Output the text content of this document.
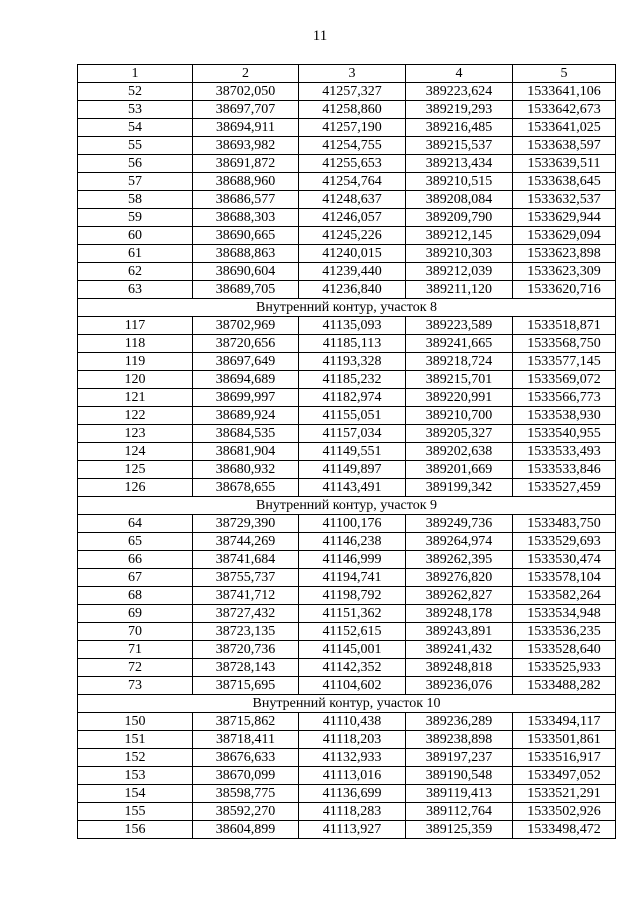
11
1	2	3	4	5
52	38702,050	41257,327	389223,624	1533641,106
53	38697,707	41258,860	389219,293	1533642,673
54	38694,911	41257,190	389216,485	1533641,025
55	38693,982	41254,755	389215,537	1533638,597
56	38691,872	41255,653	389213,434	1533639,511
57	38688,960	41254,764	389210,515	1533638,645
58	38686,577	41248,637	389208,084	1533632,537
59	38688,303	41246,057	389209,790	1533629,944
60	38690,665	41245,226	389212,145	1533629,094
61	38688,863	41240,015	389210,303	1533623,898
62	38690,604	41239,440	389212,039	1533623,309
63	38689,705	41236,840	389211,120	1533620,716
Внутренний контур, участок 8				
117	38702,969	41135,093	389223,589	1533518,871
118	38720,656	41185,113	389241,665	1533568,750
119	38697,649	41193,328	389218,724	1533577,145
120	38694,689	41185,232	389215,701	1533569,072
121	38699,997	41182,974	389220,991	1533566,773
122	38689,924	41155,051	389210,700	1533538,930
123	38684,535	41157,034	389205,327	1533540,955
124	38681,904	41149,551	389202,638	1533533,493
125	38680,932	41149,897	389201,669	1533533,846
126	38678,655	41143,491	389199,342	1533527,459
Внутренний контур, участок 9				
64	38729,390	41100,176	389249,736	1533483,750
65	38744,269	41146,238	389264,974	1533529,693
66	38741,684	41146,999	389262,395	1533530,474
67	38755,737	41194,741	389276,820	1533578,104
68	38741,712	41198,792	389262,827	1533582,264
69	38727,432	41151,362	389248,178	1533534,948
70	38723,135	41152,615	389243,891	1533536,235
71	38720,736	41145,001	389241,432	1533528,640
72	38728,143	41142,352	389248,818	1533525,933
73	38715,695	41104,602	389236,076	1533488,282
Внутренний контур, участок 10				
150	38715,862	41110,438	389236,289	1533494,117
151	38718,411	41118,203	389238,898	1533501,861
152	38676,633	41132,933	389197,237	1533516,917
153	38670,099	41113,016	389190,548	1533497,052
154	38598,775	41136,699	389119,413	1533521,291
155	38592,270	41118,283	389112,764	1533502,926
156	38604,899	41113,927	389125,359	1533498,472
